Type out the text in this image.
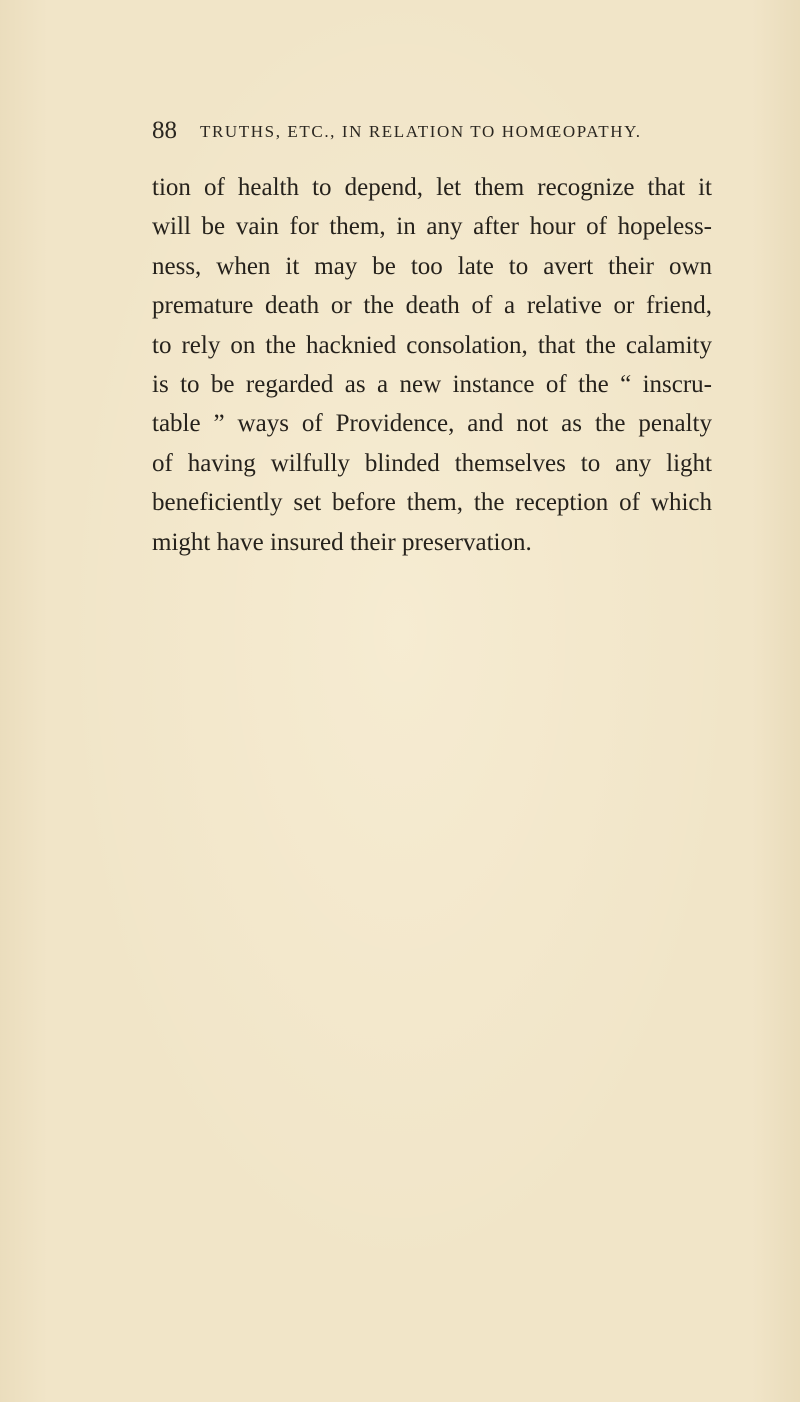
88 TRUTHS, ETC., IN RELATION TO HOMŒOPATHY.
tion of health to depend, let them recognize that it
will be vain for them, in any after hour of hopeless-
ness, when it may be too late to avert their own
premature death or the death of a relative or friend,
to rely on the hacknied consolation, that the calamity
is to be regarded as a new instance of the “ inscru-
table ” ways of Providence, and not as the penalty
of having wilfully blinded themselves to any light
beneficiently set before them, the reception of which
might have insured their preservation.
